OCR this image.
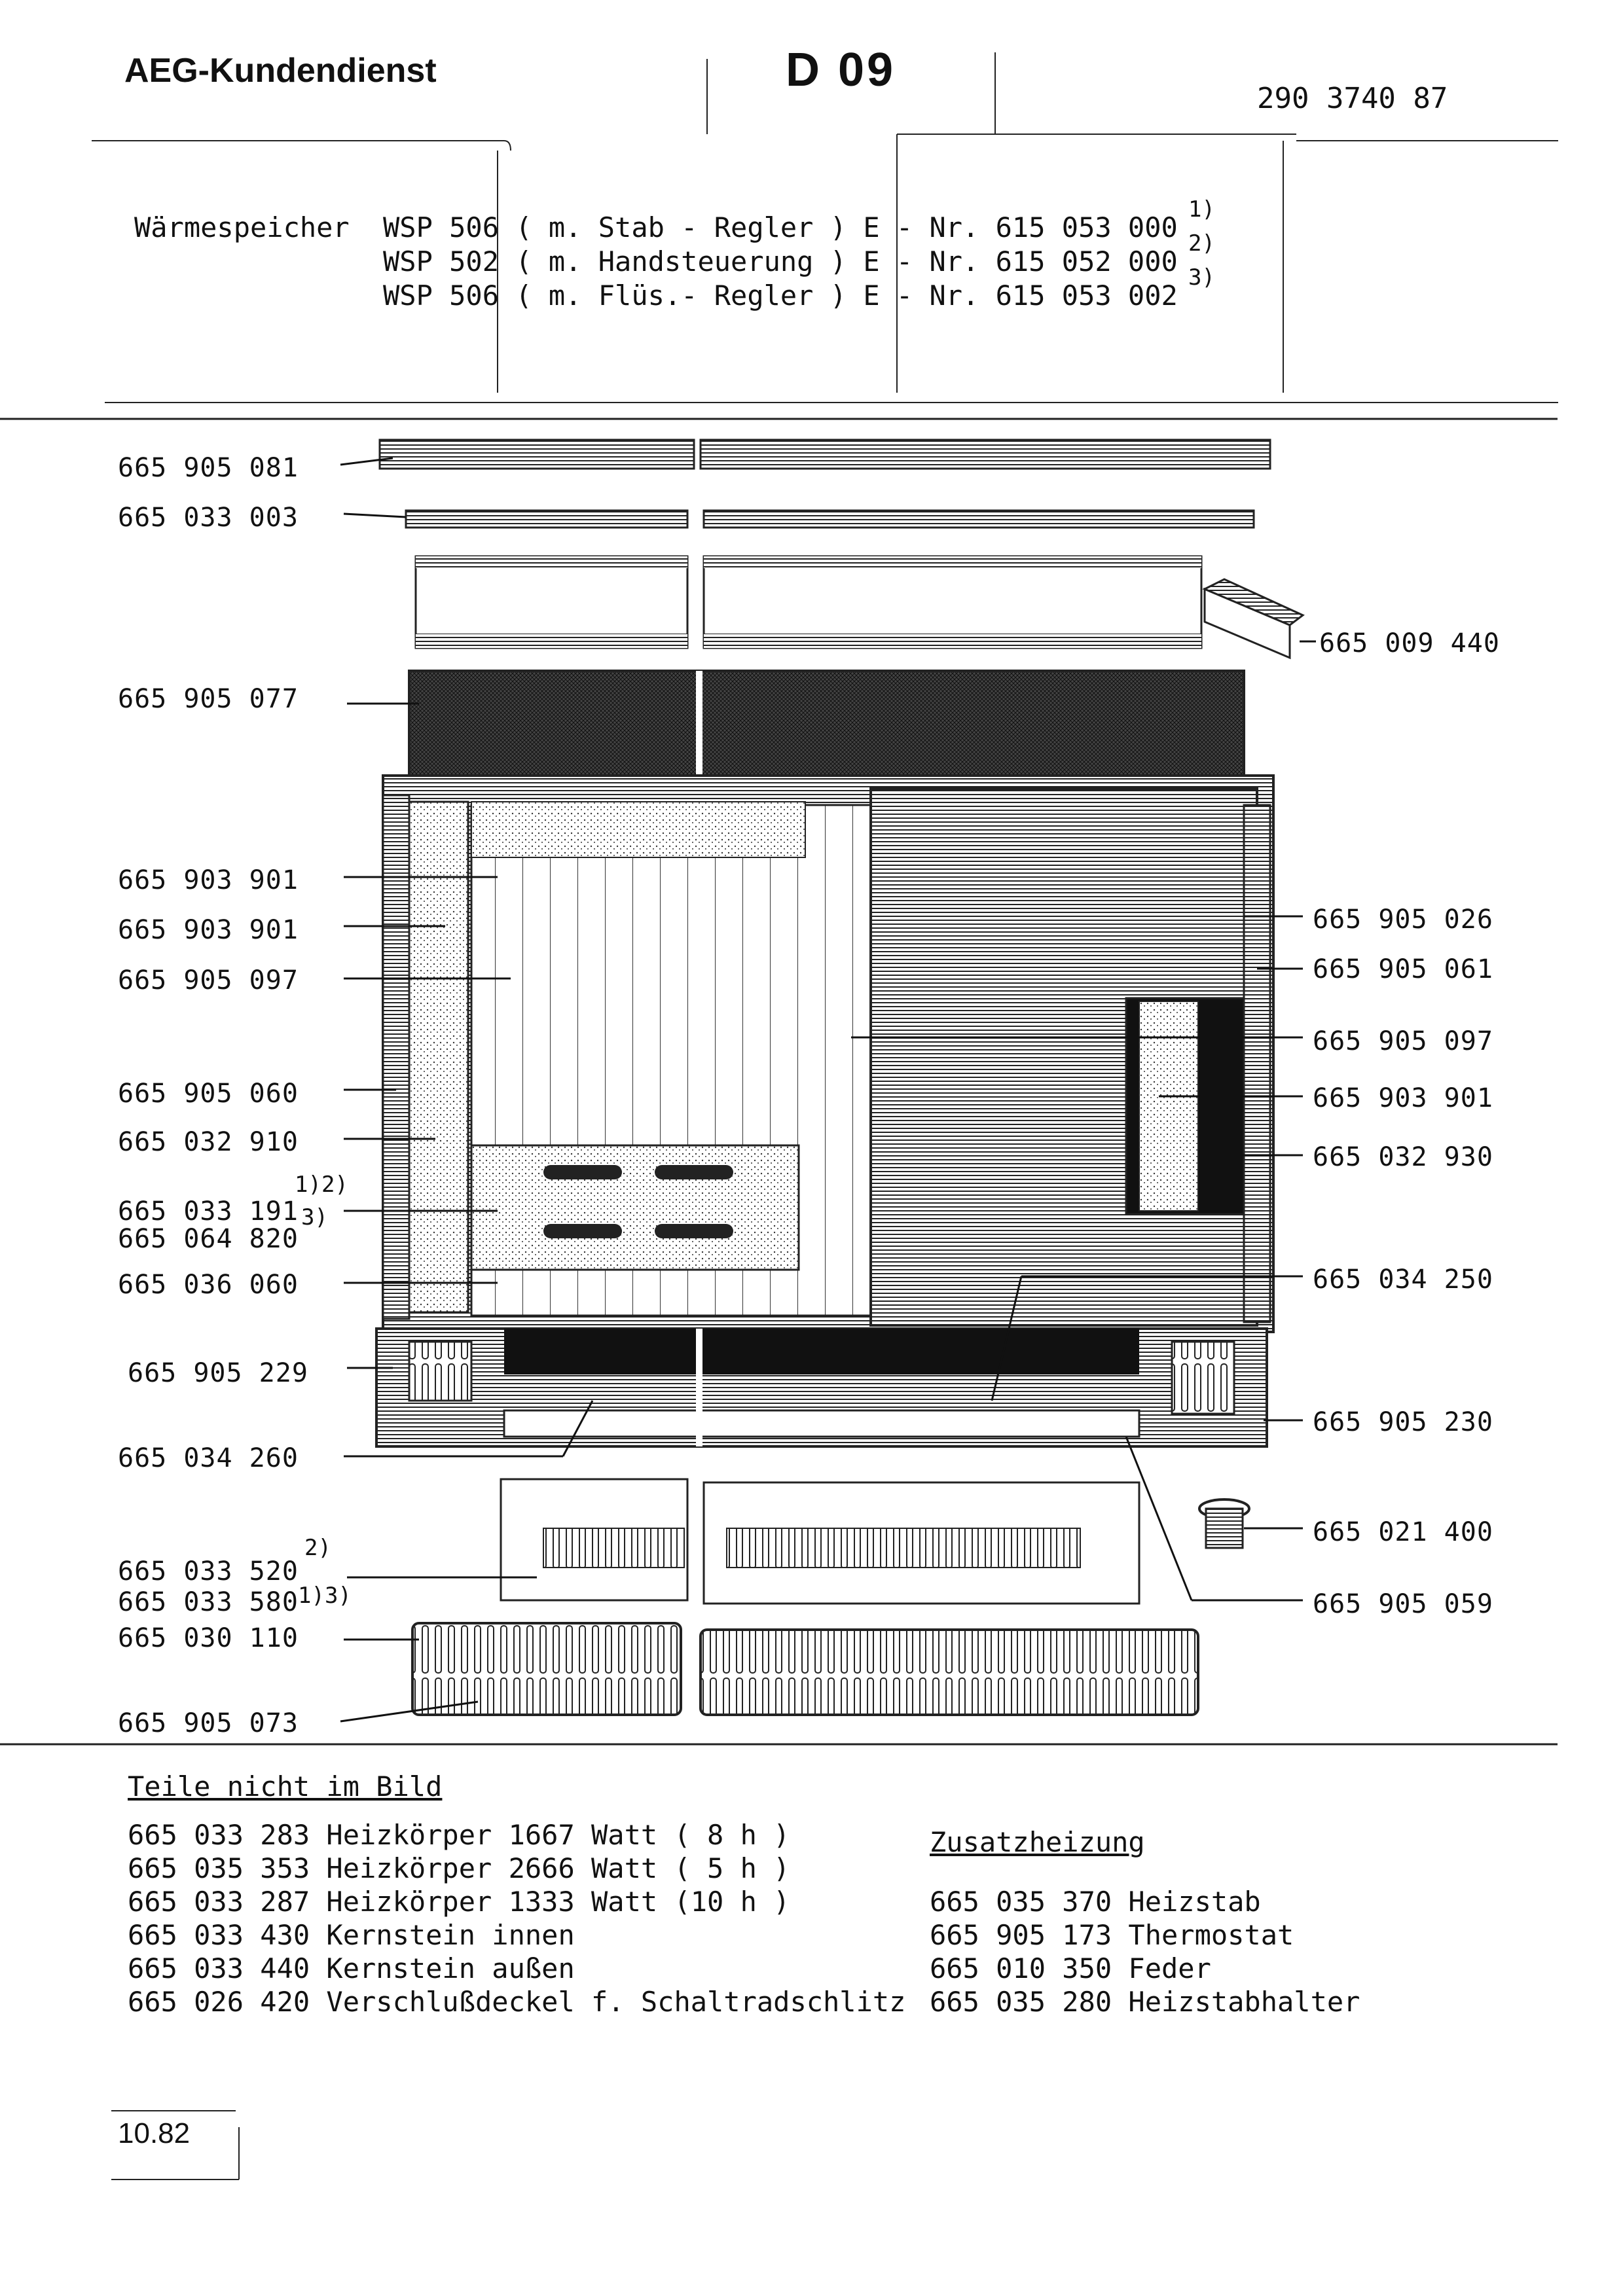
AEG-Kundendienst	D 09
290 3740 87
Wärmespeicher WSP 506 ( m. Stab - Regler ) E - Nr. 615 053 000
WSP 502 ( m. Handsteuerung ) E - Nr. 615 052 000
WSP 506 ( m. Flüs.- Regler ) E - Nr. 615 053 002
1)
2)
3)
665 905 081
665 033 003
665 905 077
665 903 901
665 903 901
665 905 097
665 905 060
665 032 910
665 033 191
665 064 820
665 036 060
665 905 229
665 034 260
665 033 520
665 033 580
665 030 110
665 905 073
1)2)
3)
2)
1)3)
665 009 440
665 905 026
665 905 061
665 905 097
665 903 901
665 032 930
665 034 250
665 905 230
665 021 400
665 905 059
Teile nicht im Bild
665 033 283 Heizkörper 1667 Watt ( 8 h )
665 035 353 Heizkörper 2666 Watt ( 5 h )
665 033 287 Heizkörper 1333 Watt (10 h )
665 033 430 Kernstein innen
665 033 440 Kernstein außen
665 026 420 Verschlußdeckel f. Schaltradschlitz
Zusatzheizung
665 035 370 Heizstab
665 905 173 Thermostat
665 010 350 Feder
665 035 280 Heizstabhalter
10.82
